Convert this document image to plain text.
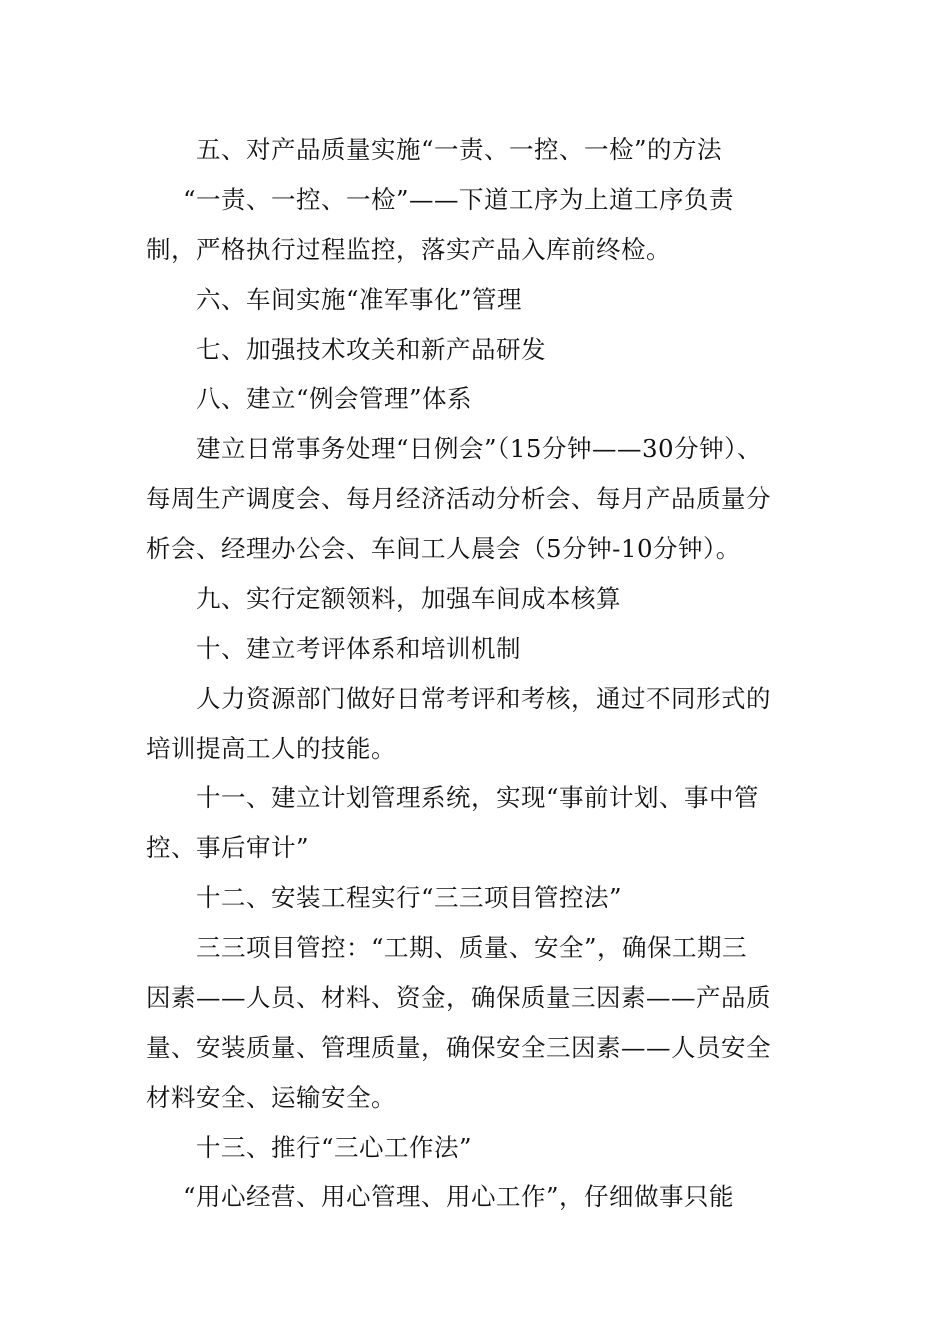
五、对产品质量实施“一责、一控、一检”的方法
“一责、一控、一检”——下道工序为上道工序负责
制，严格执行过程监控，落实产品入库前终检。
六、车间实施“准军事化”管理
七、加强技术攻关和新产品研发
八、建立“例会管理”体系
建立日常事务处理“日例会”（15分钟——30分钟）、
每周生产调度会、每月经济活动分析会、每月产品质量分
析会、经理办公会、车间工人晨会（5分钟-10分钟）。
九、实行定额领料，加强车间成本核算
十、建立考评体系和培训机制
人力资源部门做好日常考评和考核，通过不同形式的
培训提高工人的技能。
十一、建立计划管理系统，实现“事前计划、事中管
控、事后审计”
十二、安装工程实行“三三项目管控法”
三三项目管控：“工期、质量、安全”，确保工期三
因素——人员、材料、资金，确保质量三因素——产品质
量、安装质量、管理质量，确保安全三因素——人员安全
材料安全、运输安全。
十三、推行“三心工作法”
“用心经营、用心管理、用心工作”，仔细做事只能
